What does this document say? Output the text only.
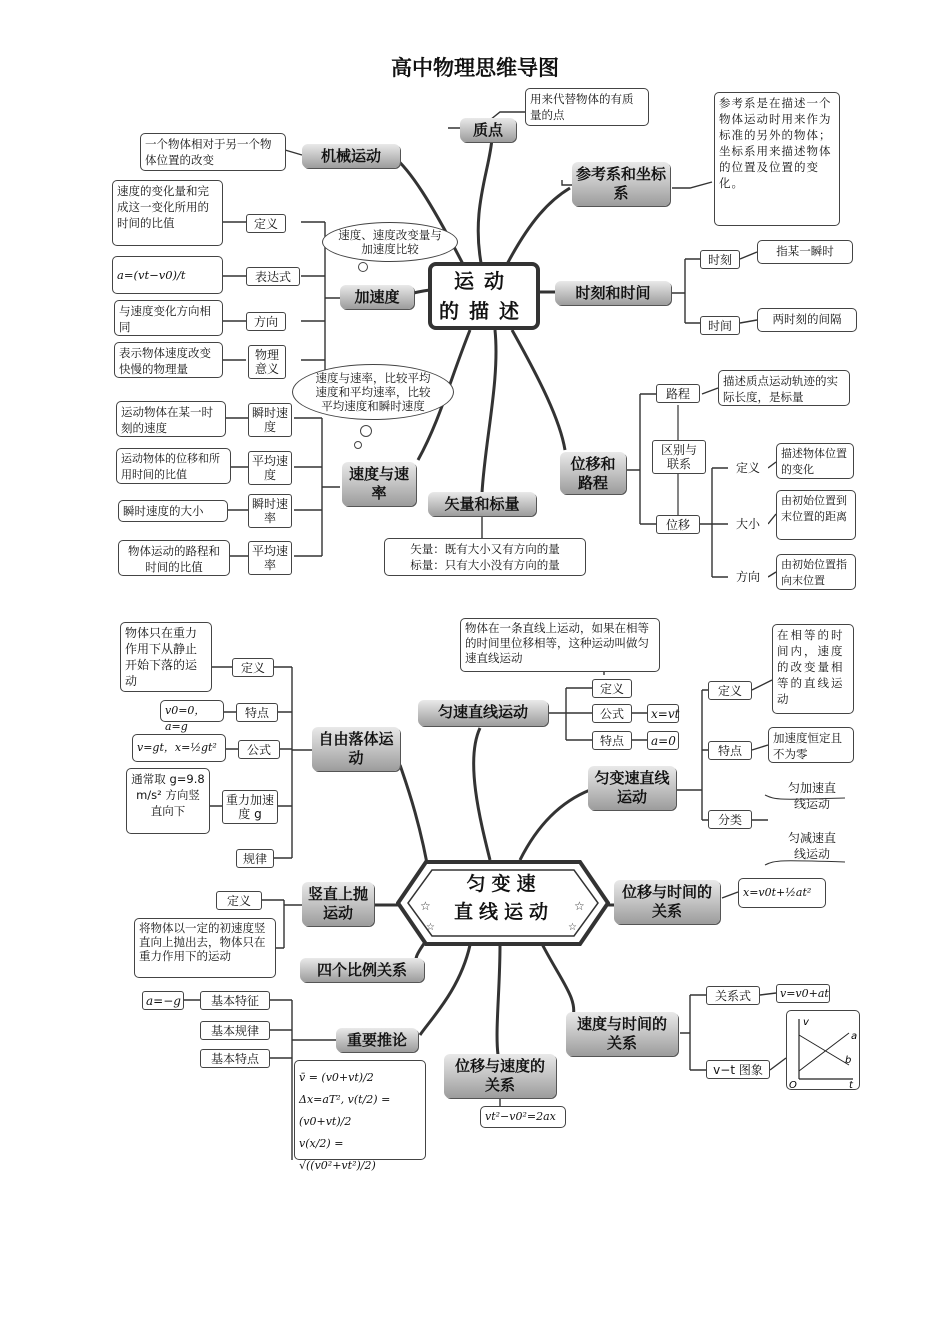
高中物理思维导图
运动
的描述
质点
用来代替物体的有质量的点
机械运动
一个物体相对于另一个物体位置的改变
参考系和坐标系
参考系是在描述一个物体运动时用来作为标准的另外的物体；坐标系用来描述物体的位置及位置的变化。
速度、速度改变量与加速度比较
加速度
定义
速度的变化量和完成这一变化所用的时间的比值
表达式
a=(vt−v0)/t
方向
与速度变化方向相同
物理意义
表示物体速度改变快慢的物理量
时刻和时间
时刻
指某一瞬时
时间	两时刻的间隔
速度与速率，比较平均速度和平均速率，比较平均速度和瞬时速度
速度与速率
瞬时速度
运动物体在某一时刻的速度
平均速度
运动物体的位移和所用时间的比值
瞬时速率
瞬时速度的大小
平均速率
物体运动的路程和时间的比值
矢量和标量
矢量：既有大小又有方向的量
标量：只有大小没有方向的量
位移和路程
路程
描述质点运动轨迹的实际长度，是标量
区别与联系
位移
定义
描述物体位置的变化
大小
由初始位置到末位置的距离
方向
由初始位置指向末位置
☆	☆
☆	☆
匀变速
直线运动
自由落体运动
定义
物体只在重力作用下从静止开始下落的运动
特点
v0=0，a=g
公式
v=gt，x=½gt²
重力加速度 g
通常取 g=9.8 m/s² 方向竖直向下
规律
竖直上抛运动
定义
将物体以一定的初速度竖直向上抛出去，物体只在重力作用下的运动
四个比例关系
重要推论
a=−g	基本特征
基本规律
基本特点
v̄ = (v0+vt)/2
Δx=aT², v(t/2) = (v0+vt)/2
v(x/2) = √((v0²+vt²)/2)
匀速直线运动
物体在一条直线上运动，如果在相等的时间里位移相等，这种运动叫做匀速直线运动
定义
公式	x=vt
特点	a=0
匀变速直线运动
定义
在相等的时间内，速度的改变量相等的直线运动
特点
加速度恒定且不为零
分类
匀加速直线运动
匀减速直线运动
位移与时间的关系
x=v0t+½at²
速度与时间的关系
关系式	v=v0+at
v−t 图象
v
t
O
a
b
位移与速度的关系
vt²−v0²=2ax
